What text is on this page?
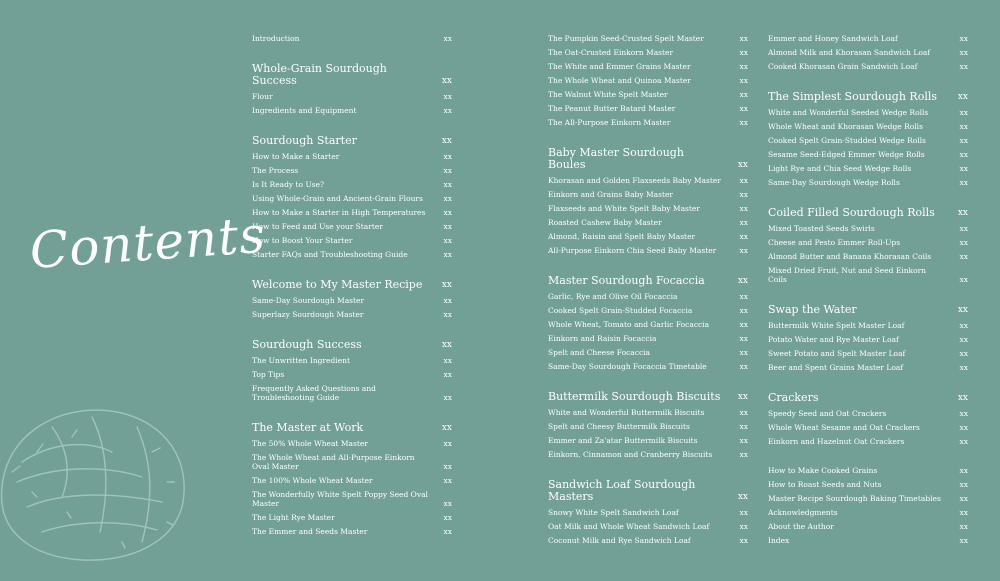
Contents
Introduction	xx
Whole-Grain Sourdough Success	xx
Flour	xx
Ingredients and Equipment	xx
Sourdough Starter	xx
How to Make a Starter	xx
The Process	xx
Is It Ready to Use?	xx
Using Whole-Grain and Ancient-Grain Flours	xx
How to Make a Starter in High Temperatures xx
How to Feed and Use your Starter	xx
How to Boost Your Starter	xx
Starter FAQs and Troubleshooting Guide	xx
Welcome to My Master Recipe xx
Same-Day Sourdough Master	xx
Superlazy Sourdough Master	xx
Sourdough Success	xx
The Unwritten Ingredient	xx
Top Tips	xx
Frequently Asked Questions and Troubleshooting Guide	xx
The Master at Work	xx
The 50% Whole Wheat Master	xx
The Whole Wheat and All-Purpose Einkorn Oval Master	xx
The 100% Whole Wheat Master	xx
The Wonderfully White Spelt Poppy Seed Oval Master	xx
The Light Rye Master	xx
The Emmer and Seeds Master	xx
The Pumpkin Seed-Crusted Spelt Master	xx
The Oat-Crusted Einkorn Master	xx
The White and Emmer Grains Master	xx
The Whole Wheat and Quinoa Master	xx
The Walnut White Spelt Master	xx
The Peanut Butter Batard Master	xx
The All-Purpose Einkorn Master	xx
Baby Master Sourdough Boules	xx
Khorasan and Golden Flaxseeds Baby Master xx
Einkorn and Grains Baby Master	xx
Flaxseeds and White Spelt Baby Master	xx
Roasted Cashew Baby Master	xx
Almond, Raisin and Spelt Baby Master	xx
All-Purpose Einkorn Chia Seed Baby Master	xx
Master Sourdough Focaccia	xx
Garlic, Rye and Olive Oil Focaccia	xx
Cooked Spelt Grain-Studded Focaccia	xx
Whole Wheat, Tomato and Garlic Focaccia	xx
Einkorn and Raisin Focaccia	xx
Spelt and Cheese Focaccia	xx
Same-Day Sourdough Focaccia Timetable	xx
Buttermilk Sourdough Biscuits xx
White and Wonderful Buttermilk Biscuits	xx
Spelt and Cheesy Buttermilk Biscuits	xx
Emmer and Za'atar Buttermilk Biscuits	xx
Einkorn, Cinnamon and Cranberry Biscuits	xx
Sandwich Loaf Sourdough Masters	xx
Snowy White Spelt Sandwich Loaf	xx
Oat Milk and Whole Wheat Sandwich Loaf	xx
Coconut Milk and Rye Sandwich Loaf	xx
Emmer and Honey Sandwich Loaf	xx
Almond Milk and Khorasan Sandwich Loaf	xx
Cooked Khorasan Grain Sandwich Loaf	xx
The Simplest Sourdough Rolls xx
White and Wonderful Seeded Wedge Rolls	xx
Whole Wheat and Khorasan Wedge Rolls	xx
Cooked Spelt Grain-Studded Wedge Rolls	xx
Sesame Seed-Edged Emmer Wedge Rolls	xx
Light Rye and Chia Seed Wedge Rolls	xx
Same-Day Sourdough Wedge Rolls	xx
Coiled Filled Sourdough Rolls	xx
Mixed Toasted Seeds Swirls	xx
Cheese and Pesto Emmer Roll-Ups	xx
Almond Butter and Banana Khorasan Coils	xx
Mixed Dried Fruit, Nut and Seed Einkorn Coils	xx
Swap the Water	xx
Buttermilk White Spelt Master Loaf	xx
Potato Water and Rye Master Loaf	xx
Sweet Potato and Spelt Master Loaf	xx
Beer and Spent Grains Master Loaf	xx
Crackers	xx
Speedy Seed and Oat Crackers	xx
Whole Wheat Sesame and Oat Crackers	xx
Einkorn and Hazelnut Oat Crackers	xx
How to Make Cooked Grains	xx
How to Roast Seeds and Nuts	xx
Master Recipe Sourdough Baking Timetables xx
Acknowledgments	xx
About the Author	xx
Index	xx
